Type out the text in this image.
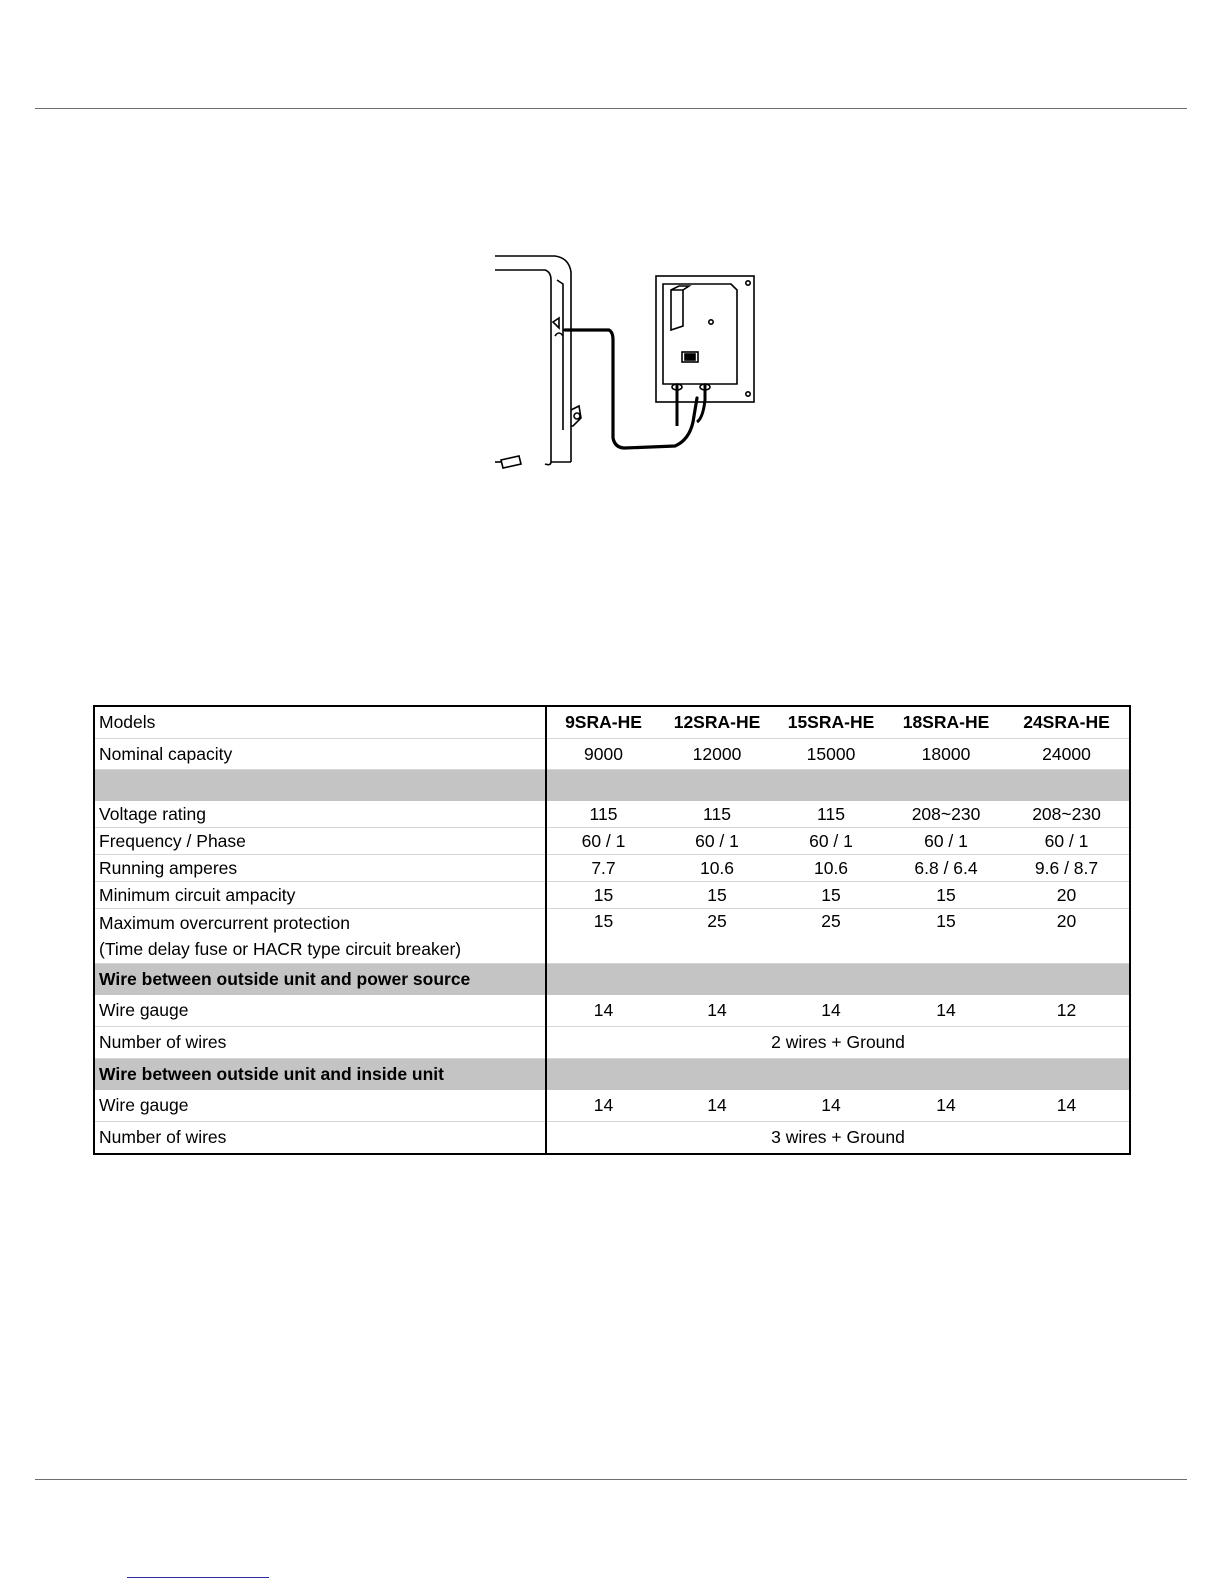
Models	9SRA-HE	12SRA-HE	15SRA-HE	18SRA-HE	24SRA-HE
Nominal capacity	9000	12000	15000	18000	24000

Voltage rating	115	115	115	208~230	208~230
Frequency / Phase	60 / 1	60 / 1	60 / 1	60 / 1	60 / 1
Running amperes	7.7	10.6	10.6	6.8 / 6.4	9.6 / 8.7
Minimum circuit ampacity	15	15	15	15	20

Maximum overcurrent protection
(Time delay fuse or HACR type circuit breaker)	15	25	25	15	20
Wire between outside unit and power source					
Wire gauge	14	14	14	14	12
Number of wires	2 wires + Ground				
Wire between outside unit and inside unit					
Wire gauge	14	14	14	14	14
Number of wires	3 wires + Ground				
